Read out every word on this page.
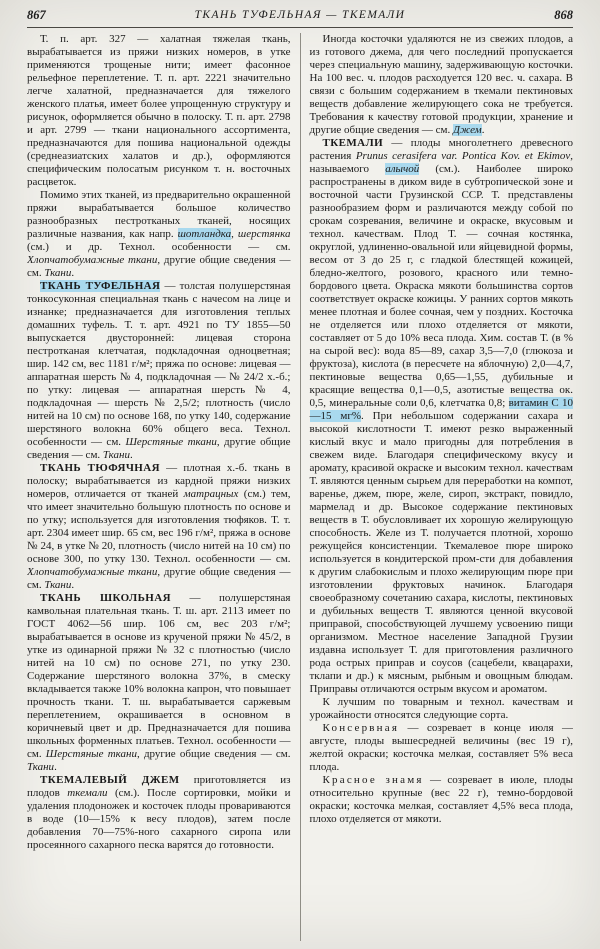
867	ТКАНЬ ТУФЕЛЬНАЯ — ТКЕМАЛИ	868

Т. п. арт. 327 — халатная тяжелая ткань, вырабатывается из пряжи низких номеров, в утке применяются трощеные нити; имеет фасонное рельефное переплетение. Т. п. арт. 2221 значительно легче халатной, предназначается для тяжелого женского платья, имеет более упрощенную структуру и рисунок, оформляется обычно в полоску. Т. п. арт. 2798 и арт. 2799 — ткани национального ассортимента, предназначаются для пошива национальной одежды (среднеазиатских халатов и др.), оформляются специфическим полосатым рисунком т. н. восточных расцветок.

Помимо этих тканей, из предварительно окрашенной пряжи вырабатывается большое количество разнообразных пестротканых тканей, носящих различные названия, как напр. шотландка, шерстянка (см.) и др. Технол. особенности — см. Хлопчатобумажные ткани, другие общие сведения — см. Ткани.

ТКАНЬ ТУФЕЛЬНАЯ — толстая полушерстяная тонкосуконная специальная ткань с начесом на лице и изнанке; предназначается для изготовления теплых домашних туфель. Т. т. арт. 4921 по ТУ 1855—50 выпускается двусторонней: лицевая сторона пестротканая клетчатая, подкладочная одноцветная; шир. 142 см, вес 1181 г/м²; пряжа по основе: лицевая — аппаратная шерсть № 4, подкладочная — № 24/2 х.-б.; по утку: лицевая — аппаратная шерсть № 4, подкладочная — шерсть № 2,5/2; плотность (число нитей на 10 см) по основе 168, по утку 140, содержание шерстяного волокна 60% общего веса. Технол. особенности — см. Шерстяные ткани, другие общие сведения — см. Ткани.

ТКАНЬ ТЮФЯЧНАЯ — плотная х.-б. ткань в полоску; вырабатывается из кардной пряжи низких номеров, отличается от тканей матрацных (см.) тем, что имеет значительно большую плотность по основе и по утку; используется для изготовления тюфяков. Т. т. арт. 2304 имеет шир. 65 см, вес 196 г/м², пряжа в основе № 24, в утке № 20, плотность (число нитей на 10 см) по основе 300, по утку 130. Технол. особенности — см. Хлопчатобумажные ткани, другие общие сведения — см. Ткани.

ТКАНЬ ШКОЛЬНАЯ — полушерстяная камвольная плательная ткань. Т. ш. арт. 2113 имеет по ГОСТ 4062—56 шир. 106 см, вес 203 г/м²; вырабатывается в основе из крученой пряжи № 45/2, в утке из одинарной пряжи № 32 с плотностью (число нитей на 10 см) по основе 271, по утку 230. Содержание шерстяного волокна 37%, в смеску вкладывается также 10% волокна капрон, что повышает прочность ткани. Т. ш. вырабатывается саржевым переплетением, окрашивается в основном в коричневый цвет и др. Предназначается для пошива школьных форменных платьев. Технол. особенности — см. Шерстяные ткани, другие общие сведения — см. Ткани.

ТКЕМАЛЕВЫЙ ДЖЕМ приготовляется из плодов ткемали (см.). После сортировки, мойки и удаления плодоножек и косточек плоды провариваются в воде (10—15% к весу плодов), затем после добавления 70—75%-ного сахарного сиропа или просеянного сахарного песка варятся до готовности.

Иногда косточки удаляются не из свежих плодов, а из готового джема, для чего последний пропускается через специальную машину, задерживающую косточки. На 100 вес. ч. плодов расходуется 120 вес. ч. сахара. В связи с большим содержанием в ткемали пектиновых веществ добавление желирующего сока не требуется. Требования к качеству готовой продукции, хранение и другие общие сведения — см. Джем.

ТКЕМАЛИ — плоды многолетнего древесного растения Prunus cerasifera var. Pontica Kov. et Ekimov, называемого алычой (см.). Наиболее широко распространены в диком виде в субтропической зоне и восточной части Грузинской ССР. Т. представлены разнообразием форм и различаются между собой по срокам созревания, величине и окраске, вкусовым и технол. качествам. Плод Т. — сочная костянка, округлой, удлиненно-овальной или яйцевидной формы, весом от 3 до 25 г, с гладкой блестящей кожицей, бледно-желтого, розового, красного или темно-бордового цвета. Окраска мякоти большинства сортов соответствует окраске кожицы. У ранних сортов мякоть менее плотная и более сочная, чем у поздних. Косточка не отделяется или плохо отделяется от мякоти, составляет от 5 до 10% веса плода. Хим. состав Т. (в % на сырой вес): вода 85—89, сахар 3,5—7,0 (глюкоза и фруктоза), кислота (в пересчете на яблочную) 2,0—4,7, пектиновые вещества 0,65—1,55, дубильные и красящие вещества 0,1—0,5, азотистые вещества ок. 0,5, минеральные соли 0,6, клетчатка 0,8; витамин С 10—15 мг%. При небольшом содержании сахара и высокой кислотности Т. имеют резко выраженный кислый вкус и мало пригодны для потребления в свежем виде. Благодаря специфическому вкусу и аромату, красивой окраске и высоким технол. качествам Т. являются ценным сырьем для переработки на компот, варенье, джем, пюре, желе, сироп, экстракт, повидло, мармелад и др. Высокое содержание пектиновых веществ в Т. обусловливает их хорошую желирующую способность. Желе из Т. получается плотной, хорошо режущейся консистенции. Ткемалевое пюре широко используется в кондитерской пром-сти для добавления к другим слабокислым и плохо желирующим пюре при изготовлении фруктовых начинок. Благодаря своеобразному сочетанию сахара, кислоты, пектиновых и дубильных веществ Т. являются ценной вкусовой приправой, способствующей лучшему усвоению пищи организмом. Местное население Западной Грузии издавна использует Т. для приготовления различного рода острых приправ и соусов (сацебели, квацарахи, тклапи и др.) к мясным, рыбным и овощным блюдам. Приправы отличаются острым вкусом и ароматом.

К лучшим по товарным и технол. качествам и урожайности относятся следующие сорта.

Консервная — созревает в конце июля — августе, плоды вышесредней величины (вес 19 г), желтой окраски; косточка мелкая, составляет 5% веса плода.

Красное знамя — созревает в июле, плоды относительно крупные (вес 22 г), темно-бордовой окраски; косточка мелкая, составляет 4,5% веса плода, плохо отделяется от мякоти.
